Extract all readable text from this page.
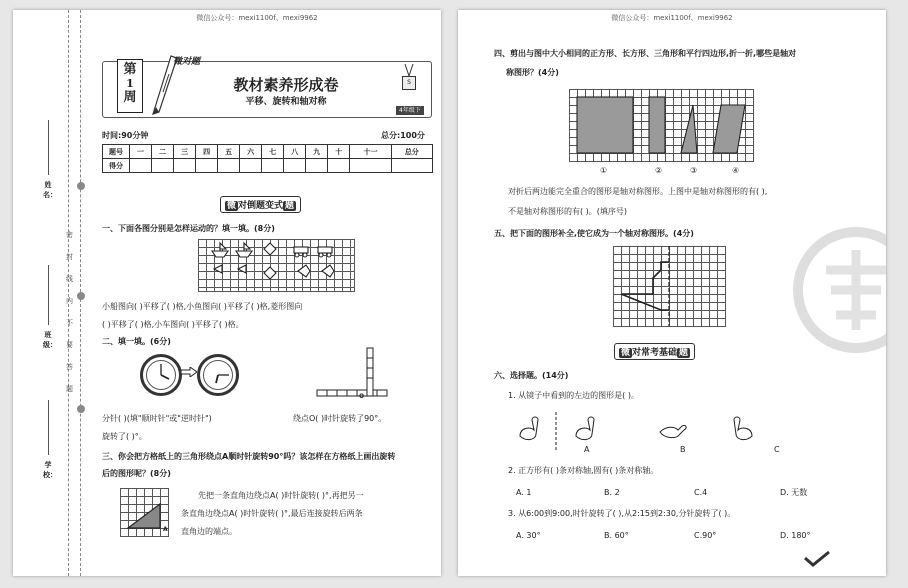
微信公众号：mexi1100f、mexi9962
姓名：
班级：
学校：
密

封

线

内

不

要

答

题
第
1
周
微对题
教材素养形成卷
平移、旋转和轴对称
S
4年级下
时间:90分钟	总分:100分
题号	一	二	三	四	五	六	七	八	九	十	十一	总分
得分												
微 对倒题变式 题
一、下面各图分别是怎样运动的？填一填。(8分)
小船图向( )平移了( )格,小鱼图向( )平移了( )格,菱形图向
( )平移了( )格,小车图向( )平移了( )格。
二、填一填。(6分)
O
分针( )(填"顺时针"或"逆时针")	绕点O( )时针旋转了90°。
旋转了( )°。
三、你会把方格纸上的三角形绕点A顺时针旋转90°吗？该怎样在方格纸上画出旋转
后的图形呢？(8分)
A
先把一条直角边绕点A( )时针旋转( )°,再把另一
条直角边绕点A( )时针旋转( )°,最后连接旋转后两条
直角边的端点。
微信公众号：mexi1100f、mexi9962
四、剪出与图中大小相同的正方形、长方形、三角形和平行四边形,折一折,哪些是轴对
称图形？(4分)
①	②	③	④
对折后两边能完全重合的图形是轴对称图形。上图中是轴对称图形的有( ),
不是轴对称图形的有( )。(填序号)
五、把下面的图形补全,使它成为一个轴对称图形。(4分)
微 对常考基础 题
六、选择题。(14分)
1. 从镜子中看到的左边的图形是( )。
A	B	C
2. 正方形有( )条对称轴,圆有( )条对称轴。
A. 1	B. 2	C.4	D. 无数
3. 从6:00到9:00,时针旋转了( ),从2:15到2:30,分针旋转了( )。
A. 30°	B. 60°	C.90°	D. 180°
